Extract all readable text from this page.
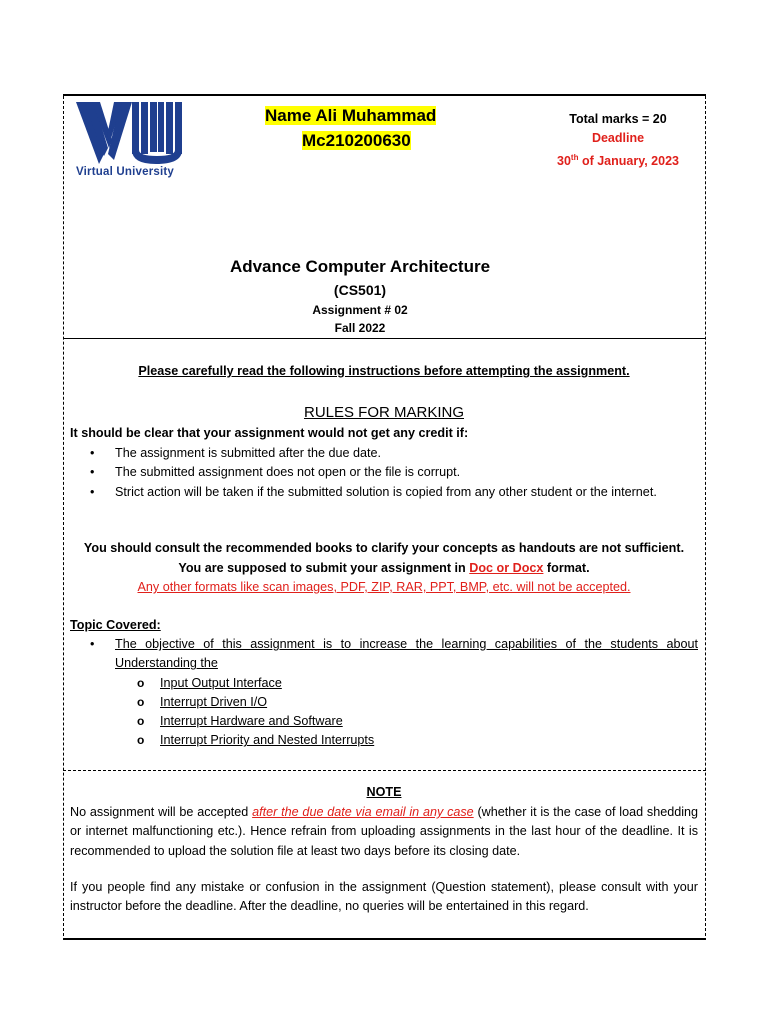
Virtual University
Name Ali Muhammad
Mc210200630
Total marks = 20
Deadline
30th of January, 2023
Advance Computer Architecture
(CS501)
Assignment # 02
Fall 2022
Please carefully read the following instructions before attempting the assignment.
RULES FOR MARKING
It should be clear that your assignment would not get any credit if:
• The assignment is submitted after the due date.
• The submitted assignment does not open or the file is corrupt.
• Strict action will be taken if the submitted solution is copied from any other student or the internet.
You should consult the recommended books to clarify your concepts as handouts are not sufficient.
You are supposed to submit your assignment in Doc or Docx format.
Any other formats like scan images, PDF, ZIP, RAR, PPT, BMP, etc. will not be accepted.
Topic Covered:
• The objective of this assignment is to increase the learning capabilities of the students about Understanding the
o Input Output Interface
o Interrupt Driven I/O
o Interrupt Hardware and Software
o Interrupt Priority and Nested Interrupts
NOTE
No assignment will be accepted after the due date via email in any case (whether it is the case of load shedding or internet malfunctioning etc.). Hence refrain from uploading assignments in the last hour of the deadline. It is recommended to upload the solution file at least two days before its closing date.
If you people find any mistake or confusion in the assignment (Question statement), please consult with your instructor before the deadline. After the deadline, no queries will be entertained in this regard.
